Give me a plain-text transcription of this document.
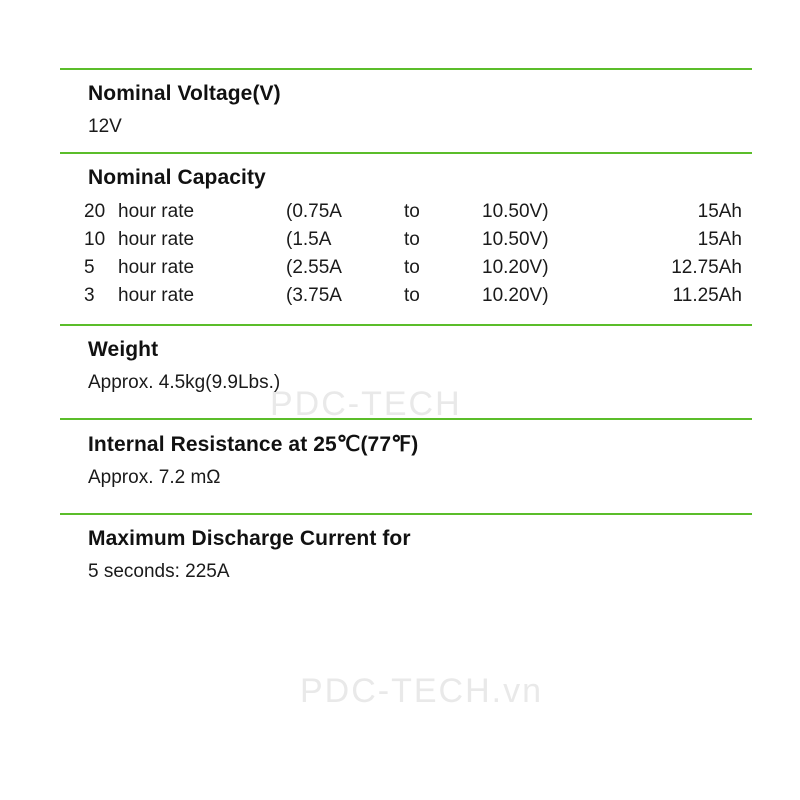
PDC-TECH
PDC-TECH.vn
Nominal Voltage(V)
12V
Nominal Capacity
20	hour rate	(0.75A	to	10.50V)	15Ah
10	hour rate	(1.5A	to	10.50V)	15Ah
5	hour rate	(2.55A	to	10.20V)	12.75Ah
3	hour rate	(3.75A	to	10.20V)	11.25Ah
Weight
Approx. 4.5kg(9.9Lbs.)
Internal Resistance at 25℃(77℉)
Approx. 7.2 mΩ
Maximum Discharge Current for
5 seconds: 225A
